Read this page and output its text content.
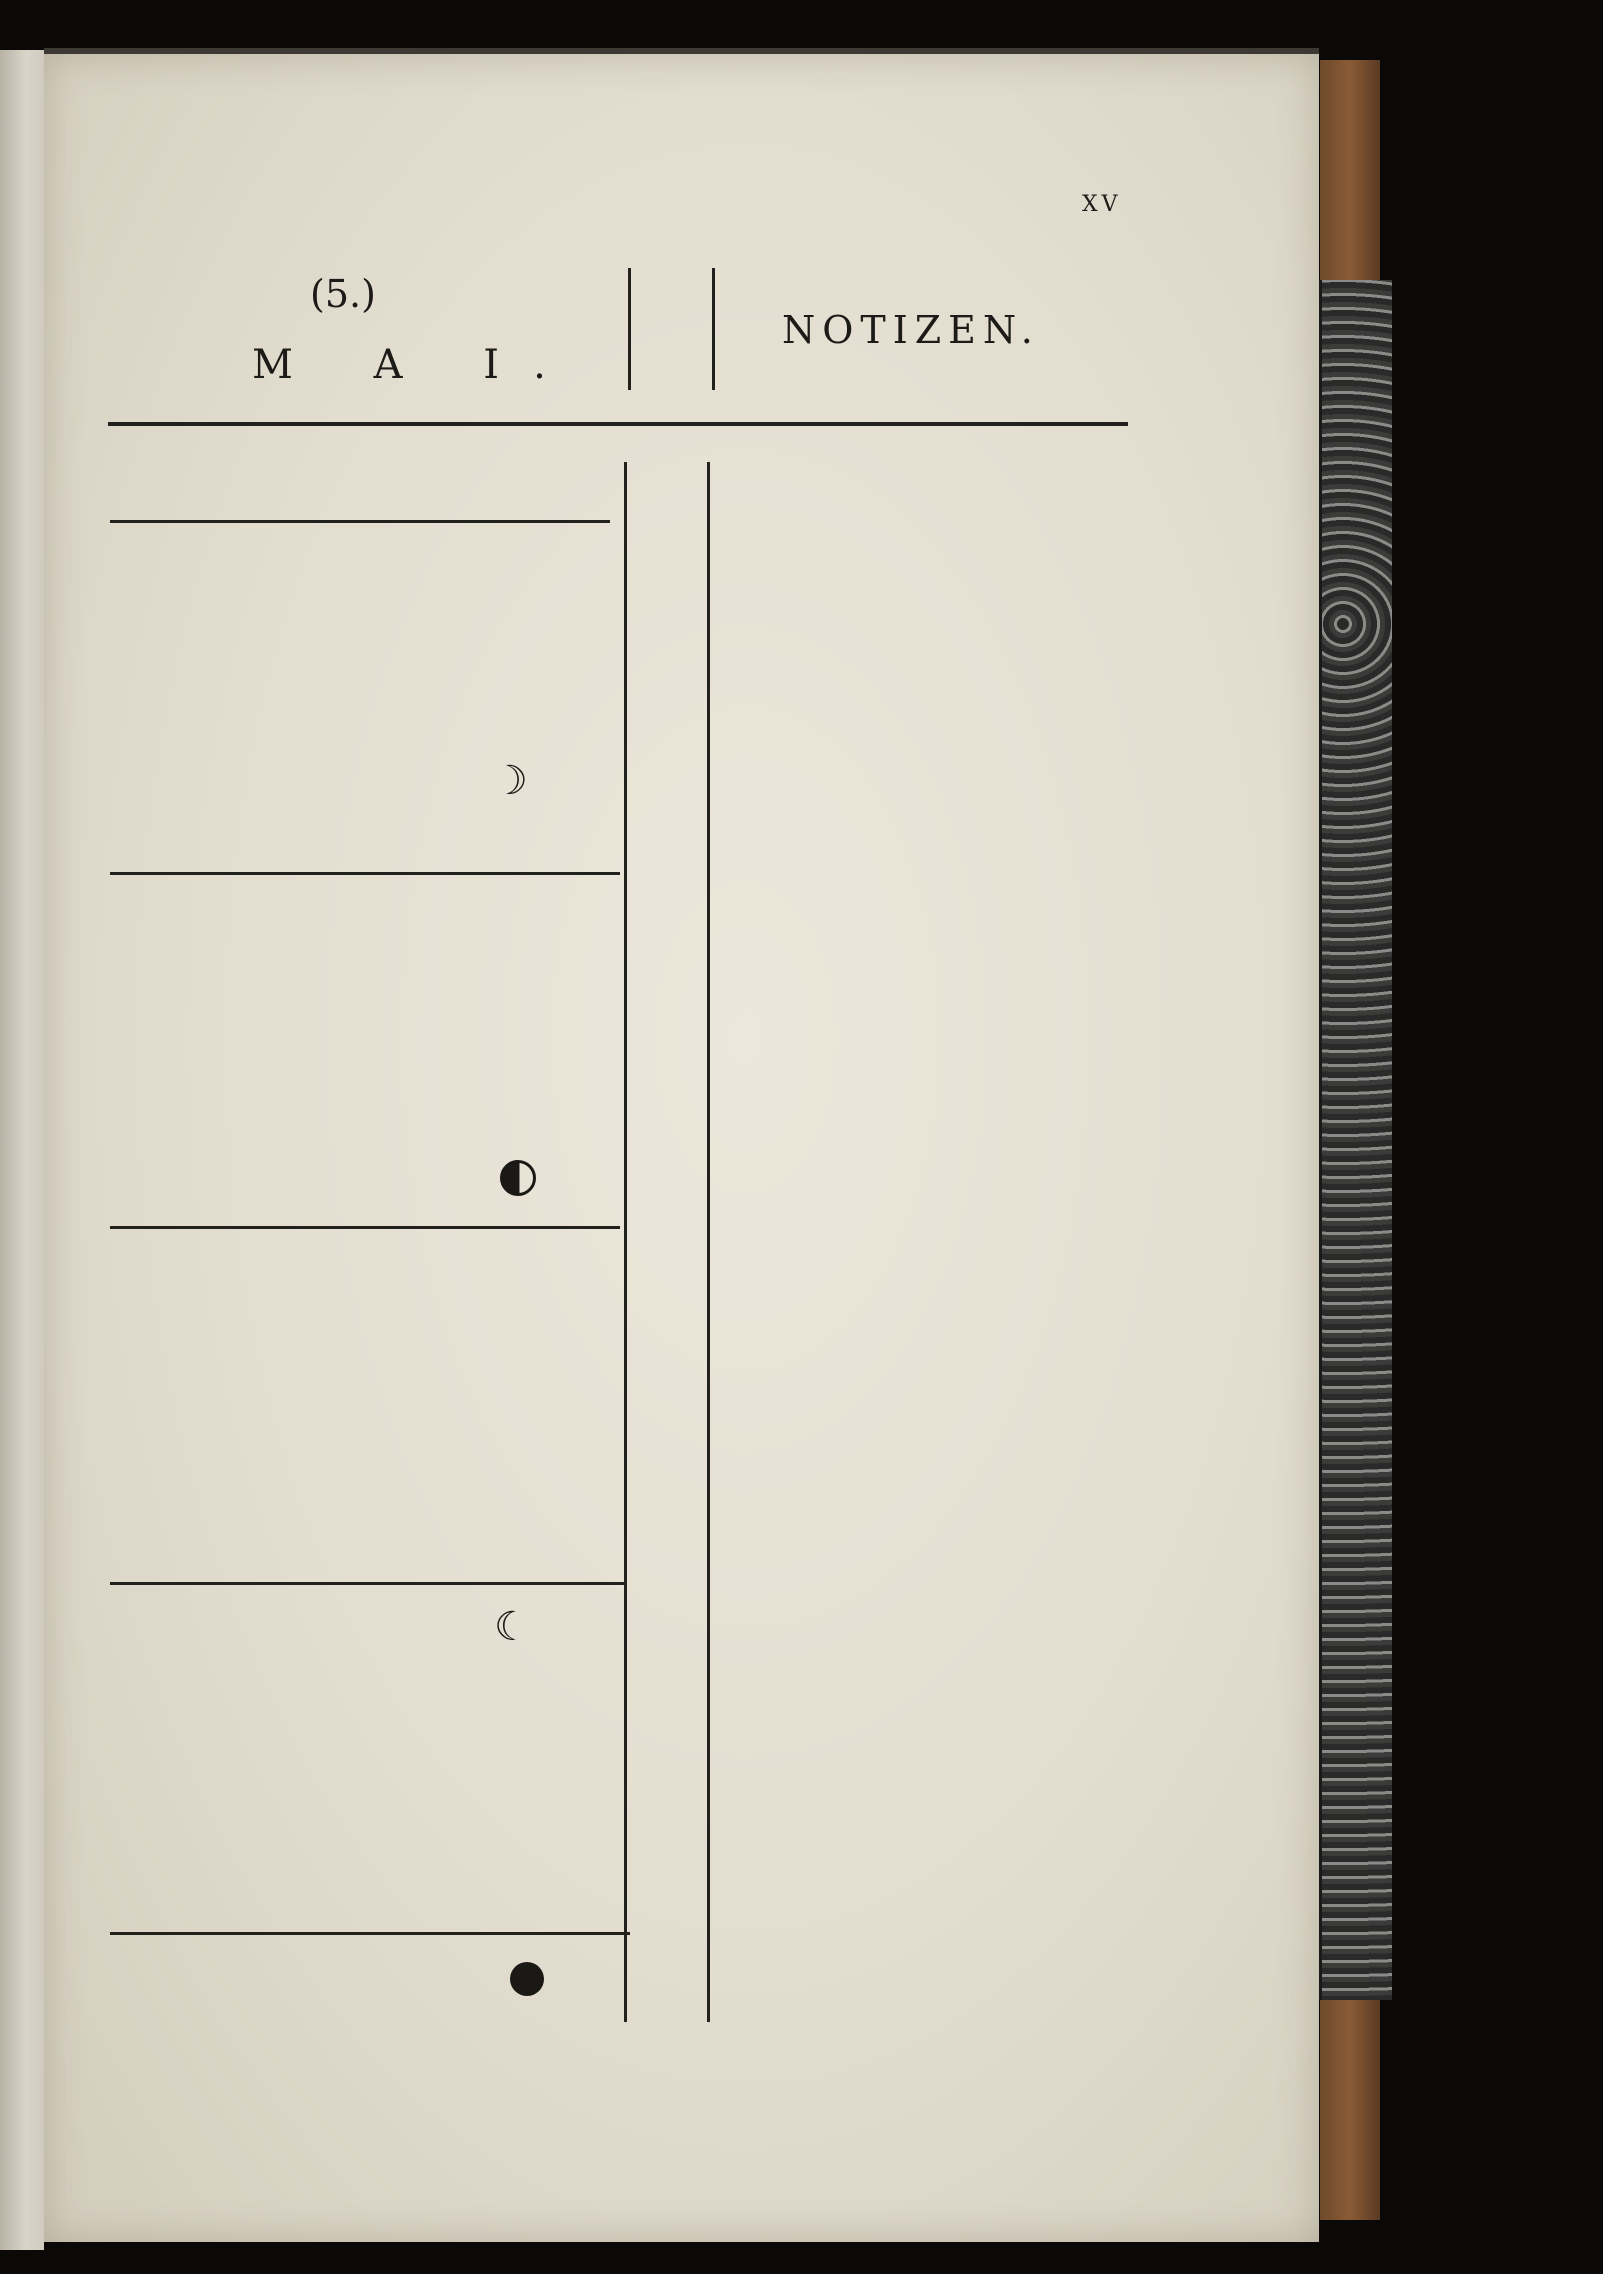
XV
(5.)
M A I.
NOTIZEN.
☽
☾
